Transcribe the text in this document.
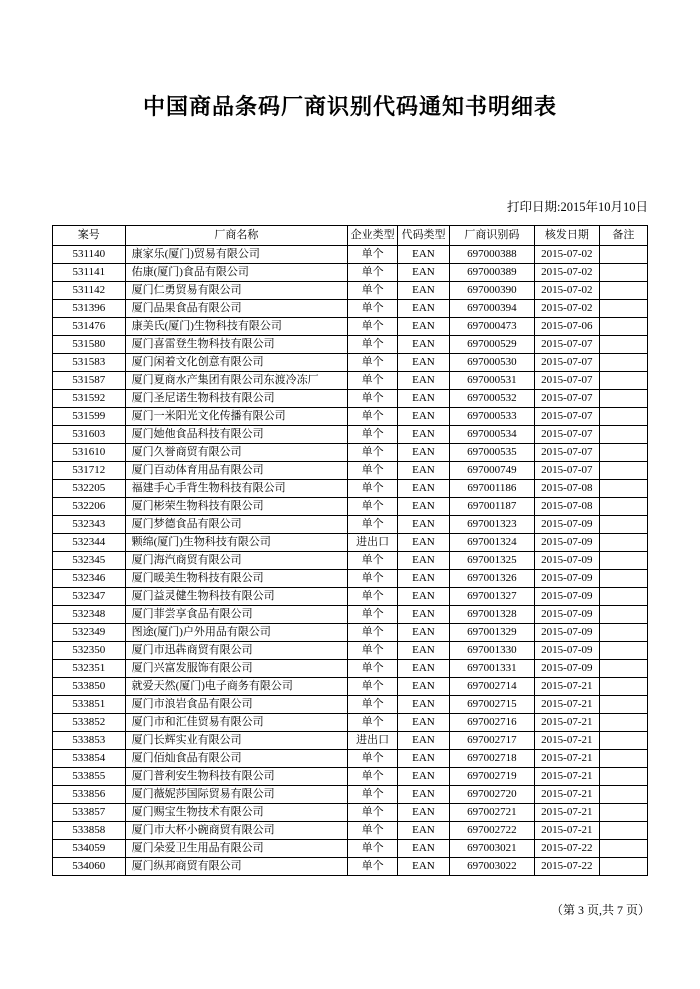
中国商品条码厂商识别代码通知书明细表
打印日期:2015年10月10日
案号	厂商名称	企业类型	代码类型	厂商识别码	核发日期	备注
531140	康家乐(厦门)贸易有限公司	单个	EAN	697000388	2015-07-02	
531141	佑康(厦门)食品有限公司	单个	EAN	697000389	2015-07-02	
531142	厦门仁勇贸易有限公司	单个	EAN	697000390	2015-07-02	
531396	厦门品果食品有限公司	单个	EAN	697000394	2015-07-02	
531476	康美氏(厦门)生物科技有限公司	单个	EAN	697000473	2015-07-06	
531580	厦门喜雷登生物科技有限公司	单个	EAN	697000529	2015-07-07	
531583	厦门闲着文化创意有限公司	单个	EAN	697000530	2015-07-07	
531587	厦门夏商水产集团有限公司东渡冷冻厂	单个	EAN	697000531	2015-07-07	
531592	厦门圣尼诺生物科技有限公司	单个	EAN	697000532	2015-07-07	
531599	厦门一米阳光文化传播有限公司	单个	EAN	697000533	2015-07-07	
531603	厦门她他食品科技有限公司	单个	EAN	697000534	2015-07-07	
531610	厦门久誉商贸有限公司	单个	EAN	697000535	2015-07-07	
531712	厦门百动体育用品有限公司	单个	EAN	697000749	2015-07-07	
532205	福建手心手背生物科技有限公司	单个	EAN	697001186	2015-07-08	
532206	厦门彬荣生物科技有限公司	单个	EAN	697001187	2015-07-08	
532343	厦门梦德食品有限公司	单个	EAN	697001323	2015-07-09	
532344	颗绵(厦门)生物科技有限公司	进出口	EAN	697001324	2015-07-09	
532345	厦门海汽商贸有限公司	单个	EAN	697001325	2015-07-09	
532346	厦门暖美生物科技有限公司	单个	EAN	697001326	2015-07-09	
532347	厦门益灵健生物科技有限公司	单个	EAN	697001327	2015-07-09	
532348	厦门菲尝享食品有限公司	单个	EAN	697001328	2015-07-09	
532349	图途(厦门)户外用品有限公司	单个	EAN	697001329	2015-07-09	
532350	厦门市迅犇商贸有限公司	单个	EAN	697001330	2015-07-09	
532351	厦门兴富发服饰有限公司	单个	EAN	697001331	2015-07-09	
533850	就爱天然(厦门)电子商务有限公司	单个	EAN	697002714	2015-07-21	
533851	厦门市浪岩食品有限公司	单个	EAN	697002715	2015-07-21	
533852	厦门市和汇佳贸易有限公司	单个	EAN	697002716	2015-07-21	
533853	厦门长辉实业有限公司	进出口	EAN	697002717	2015-07-21	
533854	厦门佰灿食品有限公司	单个	EAN	697002718	2015-07-21	
533855	厦门普利安生物科技有限公司	单个	EAN	697002719	2015-07-21	
533856	厦门薇妮莎国际贸易有限公司	单个	EAN	697002720	2015-07-21	
533857	厦门赐宝生物技术有限公司	单个	EAN	697002721	2015-07-21	
533858	厦门市大杯小碗商贸有限公司	单个	EAN	697002722	2015-07-21	
534059	厦门朵爱卫生用品有限公司	单个	EAN	697003021	2015-07-22	
534060	厦门纵邦商贸有限公司	单个	EAN	697003022	2015-07-22	
（第 3 页,共 7 页）
